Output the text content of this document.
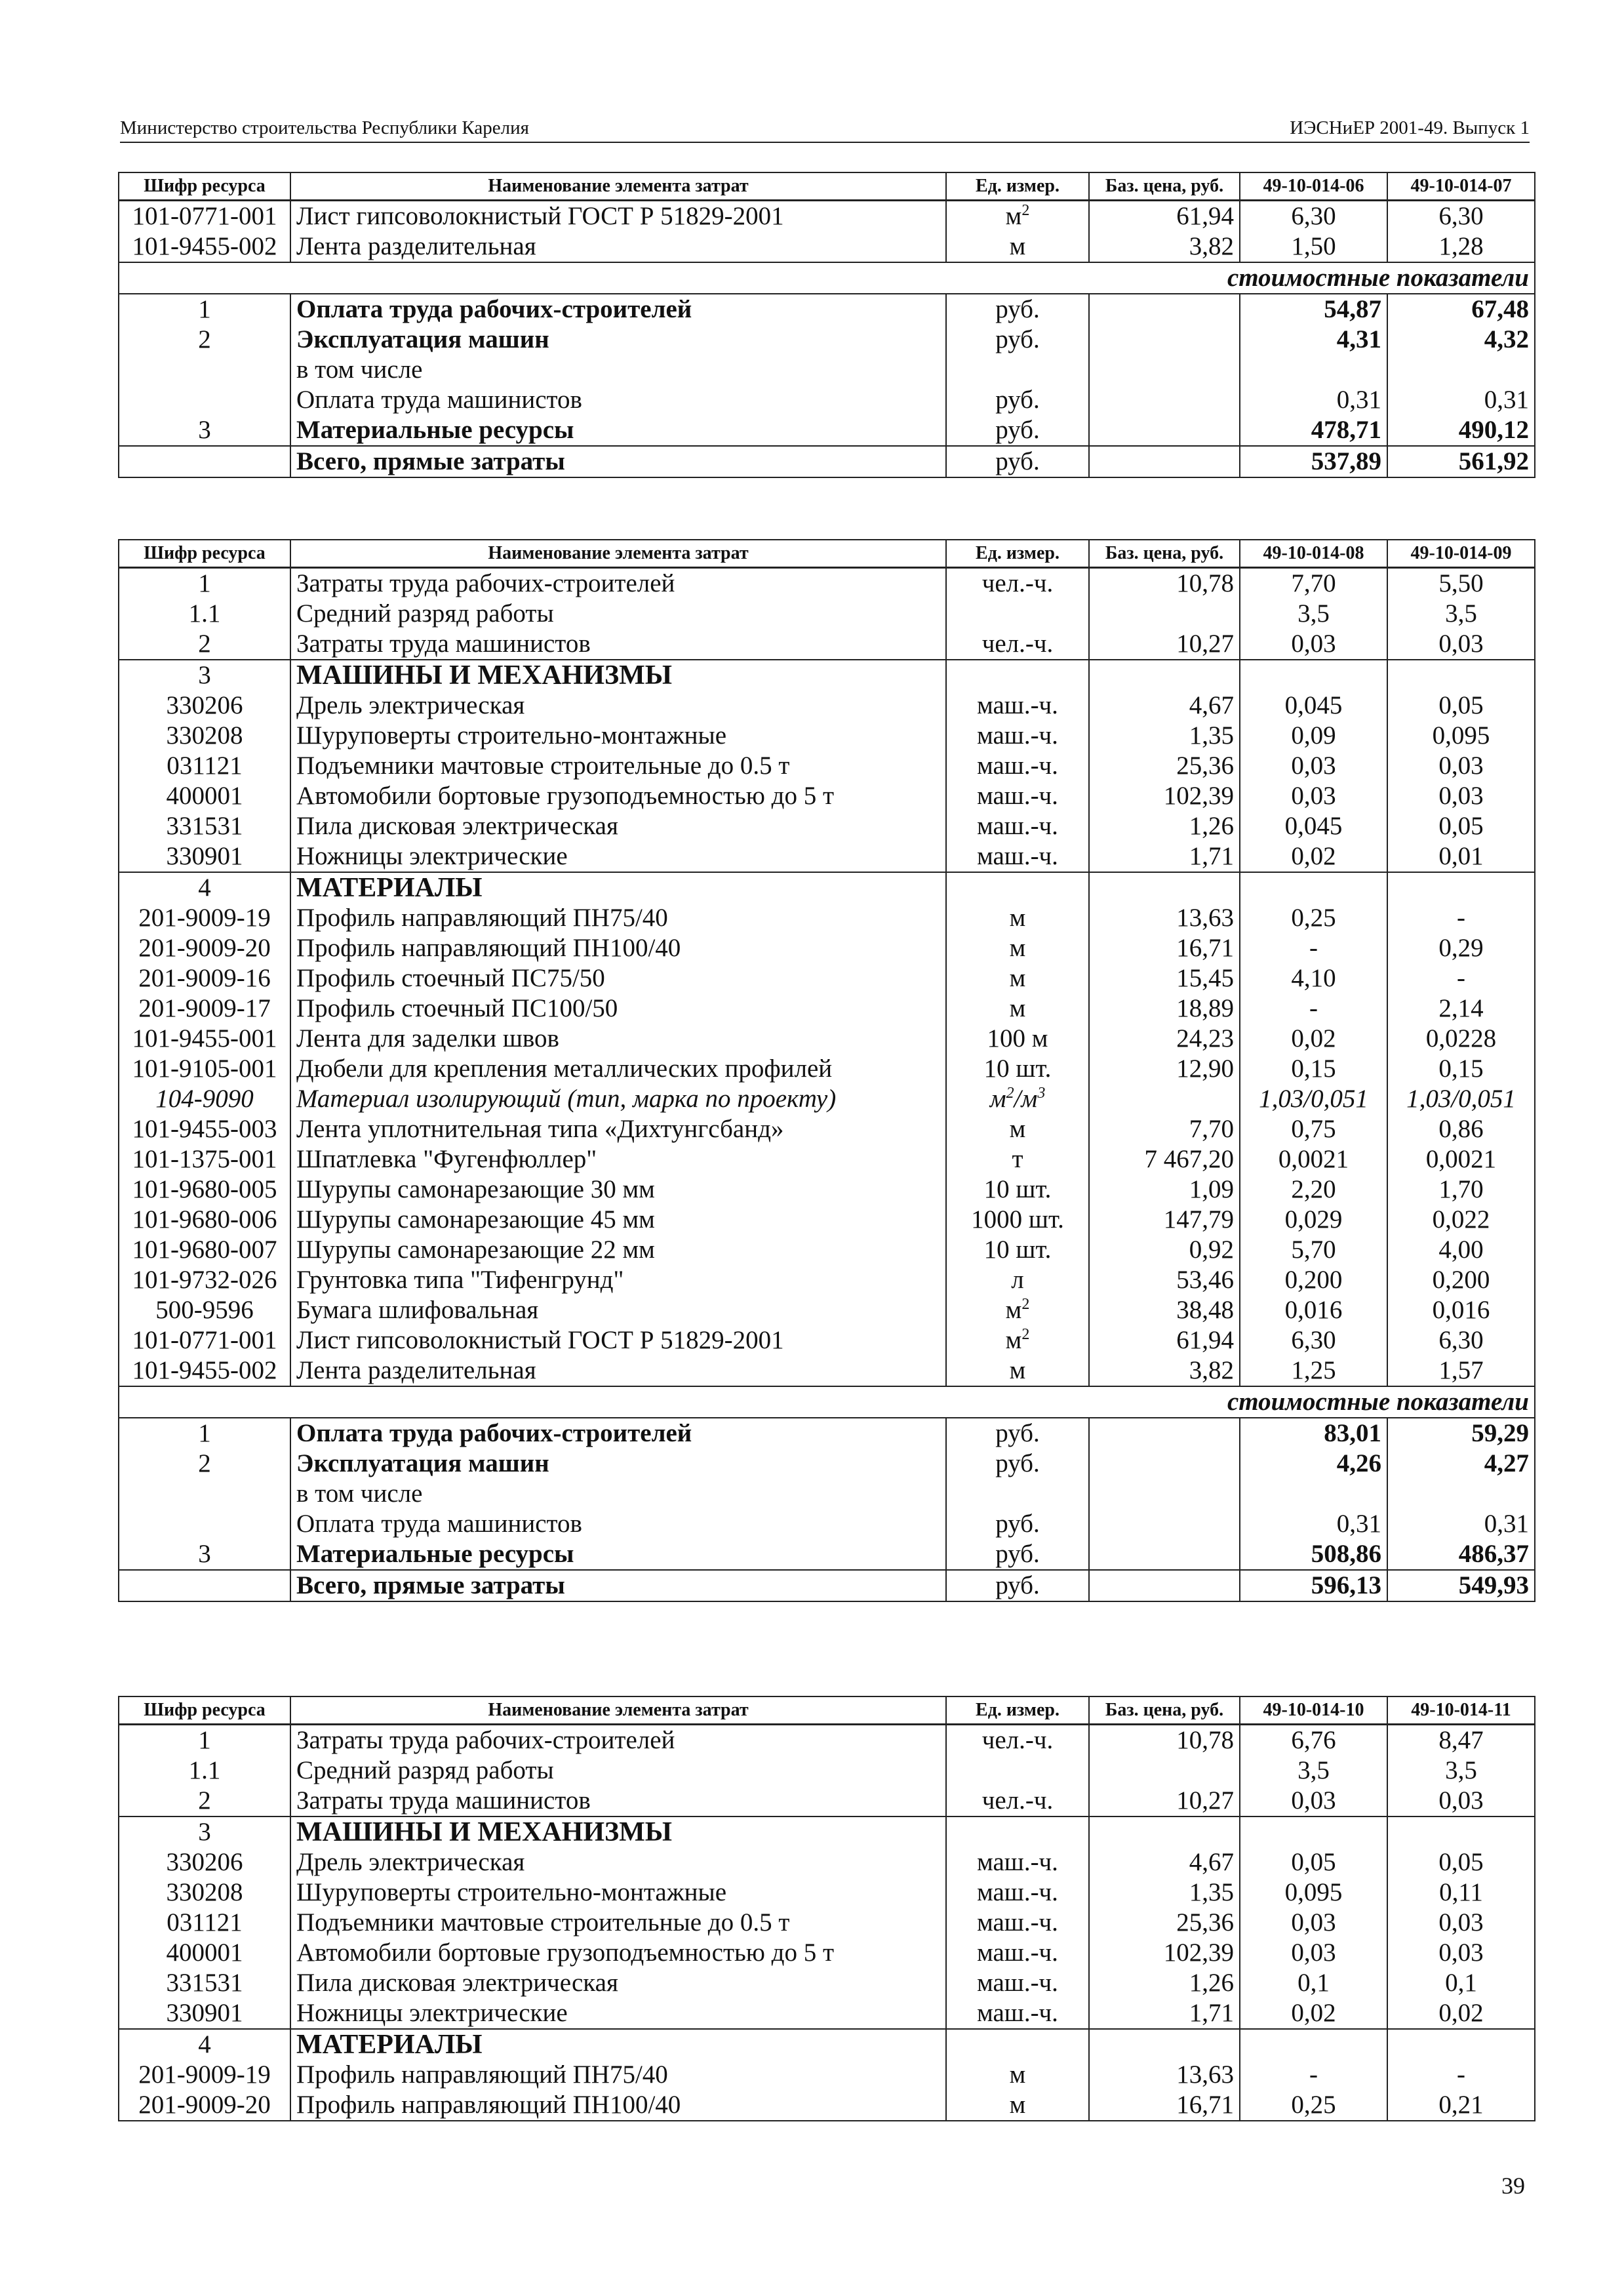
Министерство строительства Республики Карелия	ИЭСНиЕР 2001-49. Выпуск 1
Шифр ресурса	Наименование элемента затрат	Ед. измер.	Баз. цена, руб.	49-10-014-06	49-10-014-07
101-0771-001	Лист гипсоволокнистый ГОСТ Р 51829-2001	$м^2$	61,94	6,30	6,30
101-9455-002	Лента разделительная	м	3,82	1,50	1,28
стоимостные показатели					
1	Оплата труда рабочих-строителей	руб.		54,87	67,48
2	Эксплуатация машин	руб.		4,31	4,32
	в том числе				
	Оплата труда машинистов	руб.		0,31	0,31
3	Материальные ресурсы	руб.		478,71	490,12
	Всего, прямые затраты	руб.		537,89	561,92
Шифр ресурса	Наименование элемента затрат	Ед. измер.	Баз. цена, руб.	49-10-014-08	49-10-014-09
1	Затраты труда рабочих-строителей	чел.-ч.	10,78	7,70	5,50
1.1	Средний разряд работы			3,5	3,5
2	Затраты труда машинистов	чел.-ч.	10,27	0,03	0,03
3	МАШИНЫ И МЕХАНИЗМЫ				
330206	Дрель электрическая	маш.-ч.	4,67	0,045	0,05
330208	Шуруповерты строительно-монтажные	маш.-ч.	1,35	0,09	0,095
031121	Подъемники мачтовые строительные до 0.5 т	маш.-ч.	25,36	0,03	0,03
400001	Автомобили бортовые грузоподъемностью до 5 т	маш.-ч.	102,39	0,03	0,03
331531	Пила дисковая электрическая	маш.-ч.	1,26	0,045	0,05
330901	Ножницы электрические	маш.-ч.	1,71	0,02	0,01
4	МАТЕРИАЛЫ				
201-9009-19	Профиль направляющий ПН75/40	м	13,63	0,25	-
201-9009-20	Профиль направляющий ПН100/40	м	16,71	-	0,29
201-9009-16	Профиль стоечный ПС75/50	м	15,45	4,10	-
201-9009-17	Профиль стоечный ПС100/50	м	18,89	-	2,14
101-9455-001	Лента для заделки швов	100 м	24,23	0,02	0,0228
101-9105-001	Дюбели для крепления металлических профилей	10 шт.	12,90	0,15	0,15
104-9090	Материал изолирующий (тип, марка по проекту)	$м^2/м^3$		1,03/0,051	1,03/0,051
101-9455-003	Лента уплотнительная типа «Дихтунгсбанд»	м	7,70	0,75	0,86
101-1375-001	Шпатлевка "Фугенфюллер"	т	7 467,20	0,0021	0,0021
101-9680-005	Шурупы самонарезающие 30 мм	10 шт.	1,09	2,20	1,70
101-9680-006	Шурупы самонарезающие 45 мм	1000 шт.	147,79	0,029	0,022
101-9680-007	Шурупы самонарезающие 22 мм	10 шт.	0,92	5,70	4,00
101-9732-026	Грунтовка типа "Тифенгрунд"	л	53,46	0,200	0,200
500-9596	Бумага шлифовальная	$м^2$	38,48	0,016	0,016
101-0771-001	Лист гипсоволокнистый ГОСТ Р 51829-2001	$м^2$	61,94	6,30	6,30
101-9455-002	Лента разделительная	м	3,82	1,25	1,57
стоимостные показатели					
1	Оплата труда рабочих-строителей	руб.		83,01	59,29
2	Эксплуатация машин	руб.		4,26	4,27
	в том числе				
	Оплата труда машинистов	руб.		0,31	0,31
3	Материальные ресурсы	руб.		508,86	486,37
	Всего, прямые затраты	руб.		596,13	549,93
Шифр ресурса	Наименование элемента затрат	Ед. измер.	Баз. цена, руб.	49-10-014-10	49-10-014-11
1	Затраты труда рабочих-строителей	чел.-ч.	10,78	6,76	8,47
1.1	Средний разряд работы			3,5	3,5
2	Затраты труда машинистов	чел.-ч.	10,27	0,03	0,03
3	МАШИНЫ И МЕХАНИЗМЫ				
330206	Дрель электрическая	маш.-ч.	4,67	0,05	0,05
330208	Шуруповерты строительно-монтажные	маш.-ч.	1,35	0,095	0,11
031121	Подъемники мачтовые строительные до 0.5 т	маш.-ч.	25,36	0,03	0,03
400001	Автомобили бортовые грузоподъемностью до 5 т	маш.-ч.	102,39	0,03	0,03
331531	Пила дисковая электрическая	маш.-ч.	1,26	0,1	0,1
330901	Ножницы электрические	маш.-ч.	1,71	0,02	0,02
4	МАТЕРИАЛЫ				
201-9009-19	Профиль направляющий ПН75/40	м	13,63	-	-
201-9009-20	Профиль направляющий ПН100/40	м	16,71	0,25	0,21
39
